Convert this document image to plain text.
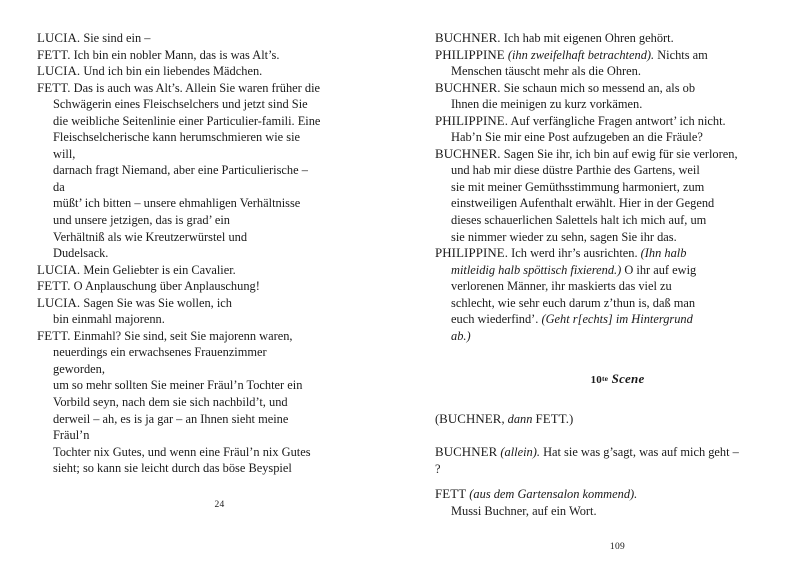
LUCIA. Sie sind ein –

FETT. Ich bin ein nobler Mann, das is was Alt’s.

LUCIA. Und ich bin ein liebendes Mädchen.

FETT. Das is auch was Alt’s. Allein Sie waren früher die

Schwägerin eines Fleischselchers und jetzt sind Sie

die weibliche Seitenlinie einer Particulier-famili. Eine

Fleischselcherische kann herumschmieren wie sie

will,

darnach fragt Niemand, aber eine Particulierische –

da

müßt’ ich bitten – unsere ehmahligen Verhältnisse

und unsere jetzigen, das is grad’ ein

Verhältniß als wie Kreutzerwürstel und

Dudelsack.

LUCIA. Mein Geliebter is ein Cavalier.

FETT. O Anplauschung über Anplauschung!

LUCIA. Sagen Sie was Sie wollen, ich

bin einmahl majorenn.

FETT. Einmahl? Sie sind, seit Sie majorenn waren,

neuerdings ein erwachsenes Frauenzimmer

geworden,

um so mehr sollten Sie meiner Fräul’n Tochter ein

Vorbild seyn, nach dem sie sich nachbild’t, und

derweil – ah, es is ja gar – an Ihnen sieht meine

Fräul’n

Tochter nix Gutes, und wenn eine Fräul’n nix Gutes

sieht; so kann sie leicht durch das böse Beyspiel

24

BUCHNER. Ich hab mit eigenen Ohren gehört.

PHILIPPINE (ihn zweifelhaft betrachtend). Nichts am

Menschen täuscht mehr als die Ohren.

BUCHNER. Sie schaun mich so messend an, als ob

Ihnen die meinigen zu kurz vorkämen.

PHILIPPINE. Auf verfängliche Fragen antwort’ ich nicht.

Hab’n Sie mir eine Post aufzugeben an die Fräule?

BUCHNER. Sagen Sie ihr, ich bin auf ewig für sie verloren,

und hab mir diese düstre Parthie des Gartens, weil

sie mit meiner Gemüthsstimmung harmoniert, zum

einstweiligen Aufenthalt erwählt. Hier in der Gegend

dieses schauerlichen Salettels halt ich mich auf, um

sie nimmer wieder zu sehn, sagen Sie ihr das.

PHILIPPINE. Ich werd ihr’s ausrichten. (Ihn halb

mitleidig halb spöttisch fixierend.) O ihr auf ewig

verlorenen Männer, ihr maskierts das viel zu

schlecht, wie sehr euch darum z’thun is, daß man

euch wiederfind’. (Geht r[echts] im Hintergrund

ab.)

$10^{te}$ Scene

(BUCHNER, dann FETT.)

BUCHNER (allein). Hat sie was g’sagt, was auf mich geht –

?

FETT (aus dem Gartensalon kommend).

Mussi Buchner, auf ein Wort.

109
